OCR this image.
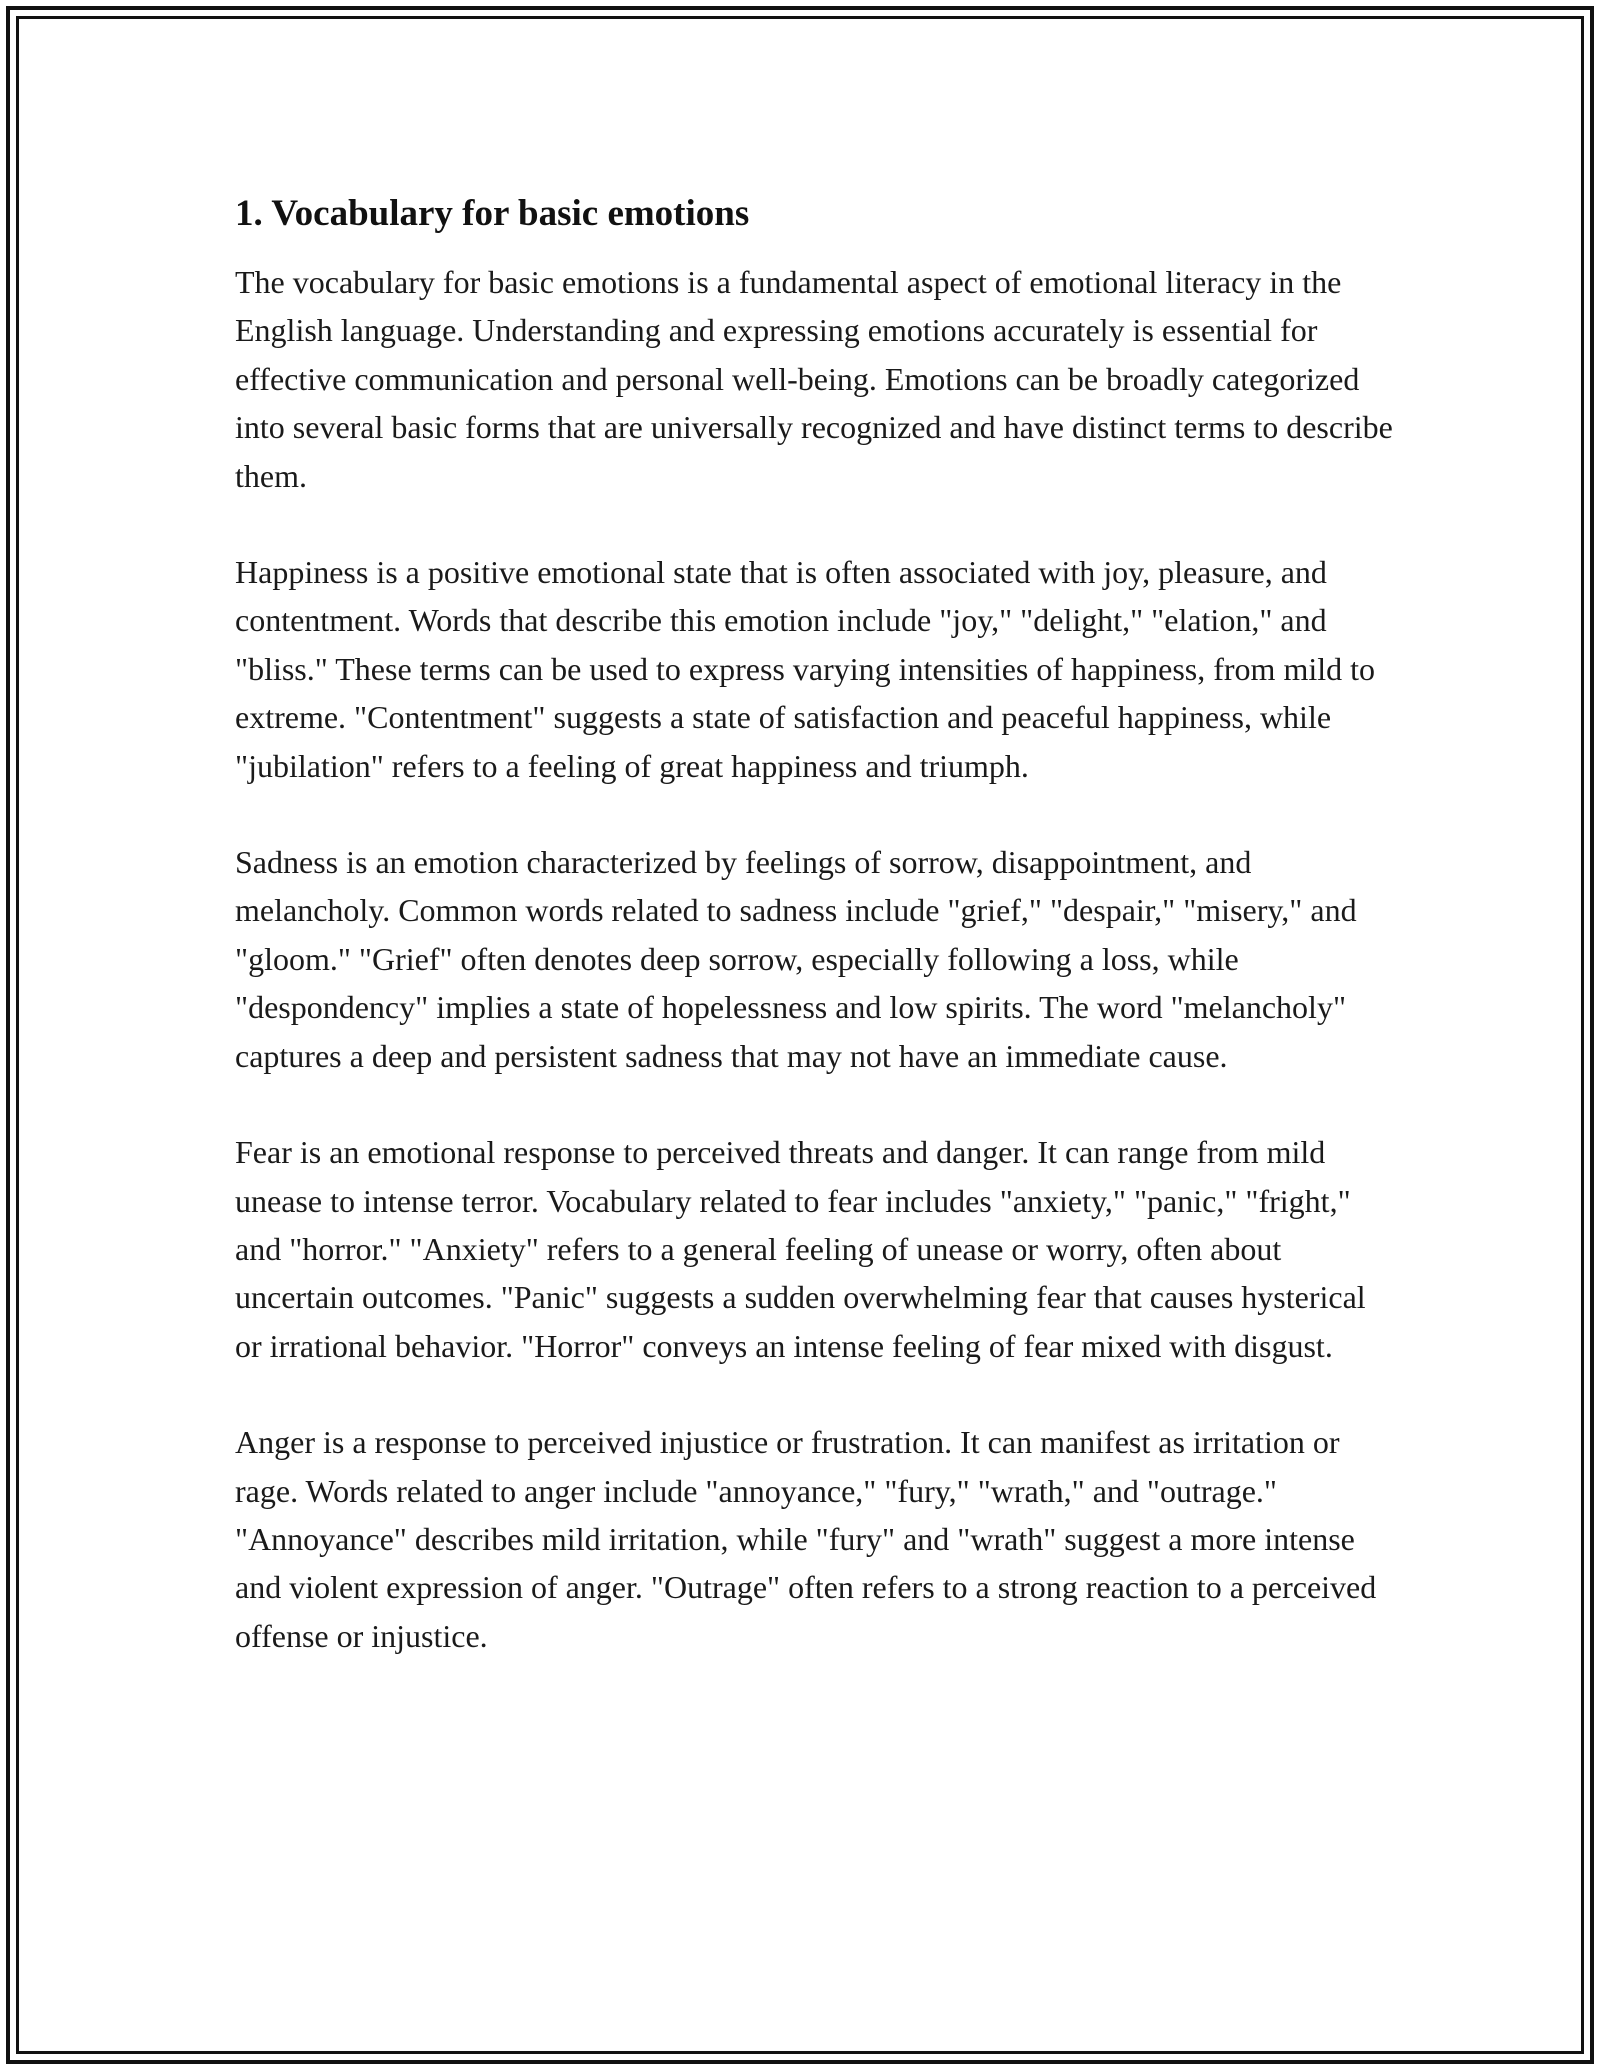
1. Vocabulary for basic emotions

The vocabulary for basic emotions is a fundamental aspect of emotional literacy in the English language. Understanding and expressing emotions accurately is essential for effective communication and personal well-being. Emotions can be broadly categorized into several basic forms that are universally recognized and have distinct terms to describe them.

Happiness is a positive emotional state that is often associated with joy, pleasure, and contentment. Words that describe this emotion include "joy," "delight," "elation," and "bliss." These terms can be used to express varying intensities of happiness, from mild to extreme. "Contentment" suggests a state of satisfaction and peaceful happiness, while "jubilation" refers to a feeling of great happiness and triumph.

Sadness is an emotion characterized by feelings of sorrow, disappointment, and melancholy. Common words related to sadness include "grief," "despair," "misery," and "gloom." "Grief" often denotes deep sorrow, especially following a loss, while "despondency" implies a state of hopelessness and low spirits. The word "melancholy" captures a deep and persistent sadness that may not have an immediate cause.

Fear is an emotional response to perceived threats and danger. It can range from mild unease to intense terror. Vocabulary related to fear includes "anxiety," "panic," "fright," and "horror." "Anxiety" refers to a general feeling of unease or worry, often about uncertain outcomes. "Panic" suggests a sudden overwhelming fear that causes hysterical or irrational behavior. "Horror" conveys an intense feeling of fear mixed with disgust.

Anger is a response to perceived injustice or frustration. It can manifest as irritation or rage. Words related to anger include "annoyance," "fury," "wrath," and "outrage." "Annoyance" describes mild irritation, while "fury" and "wrath" suggest a more intense and violent expression of anger. "Outrage" often refers to a strong reaction to a perceived offense or injustice.
